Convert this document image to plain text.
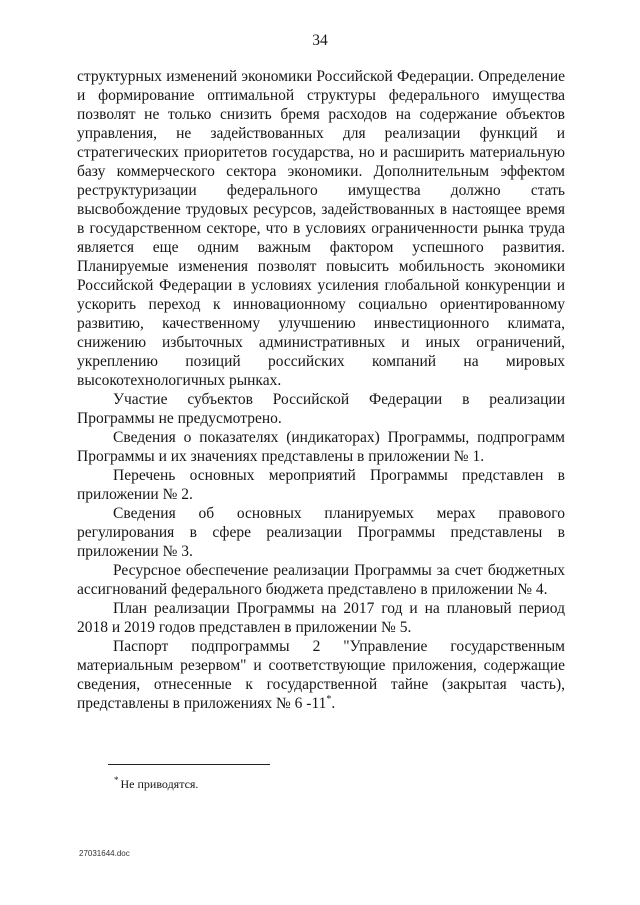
34

структурных изменений экономики Российской Федерации. Определение и формирование оптимальной структуры федерального имущества позволят не только снизить бремя расходов на содержание объектов управления, не задействованных для реализации функций и стратегических приоритетов государства, но и расширить материальную базу коммерческого сектора экономики. Дополнительным эффектом реструктуризации федерального имущества должно стать высвобождение трудовых ресурсов, задействованных в настоящее время в государственном секторе, что в условиях ограниченности рынка труда является еще одним важным фактором успешного развития. Планируемые изменения позволят повысить мобильность экономики Российской Федерации в условиях усиления глобальной конкуренции и ускорить переход к инновационному социально ориентированному развитию, качественному улучшению инвестиционного климата, снижению избыточных административных и иных ограничений, укреплению позиций российских компаний на мировых высокотехнологичных рынках.

Участие субъектов Российской Федерации в реализации Программы не предусмотрено.

Сведения о показателях (индикаторах) Программы, подпрограмм Программы и их значениях представлены в приложении № 1.

Перечень основных мероприятий Программы представлен в приложении № 2.

Сведения об основных планируемых мерах правового регулирования в сфере реализации Программы представлены в приложении № 3.

Ресурсное обеспечение реализации Программы за счет бюджетных ассигнований федерального бюджета представлено в приложении № 4.

План реализации Программы на 2017 год и на плановый период 2018 и 2019 годов представлен в приложении № 5.

Паспорт подпрограммы 2 "Управление государственным материальным резервом" и соответствующие приложения, содержащие сведения, отнесенные к государственной тайне (закрытая часть), представлены в приложениях № 6 -11*.

* Не приводятся.
27031644.doc
